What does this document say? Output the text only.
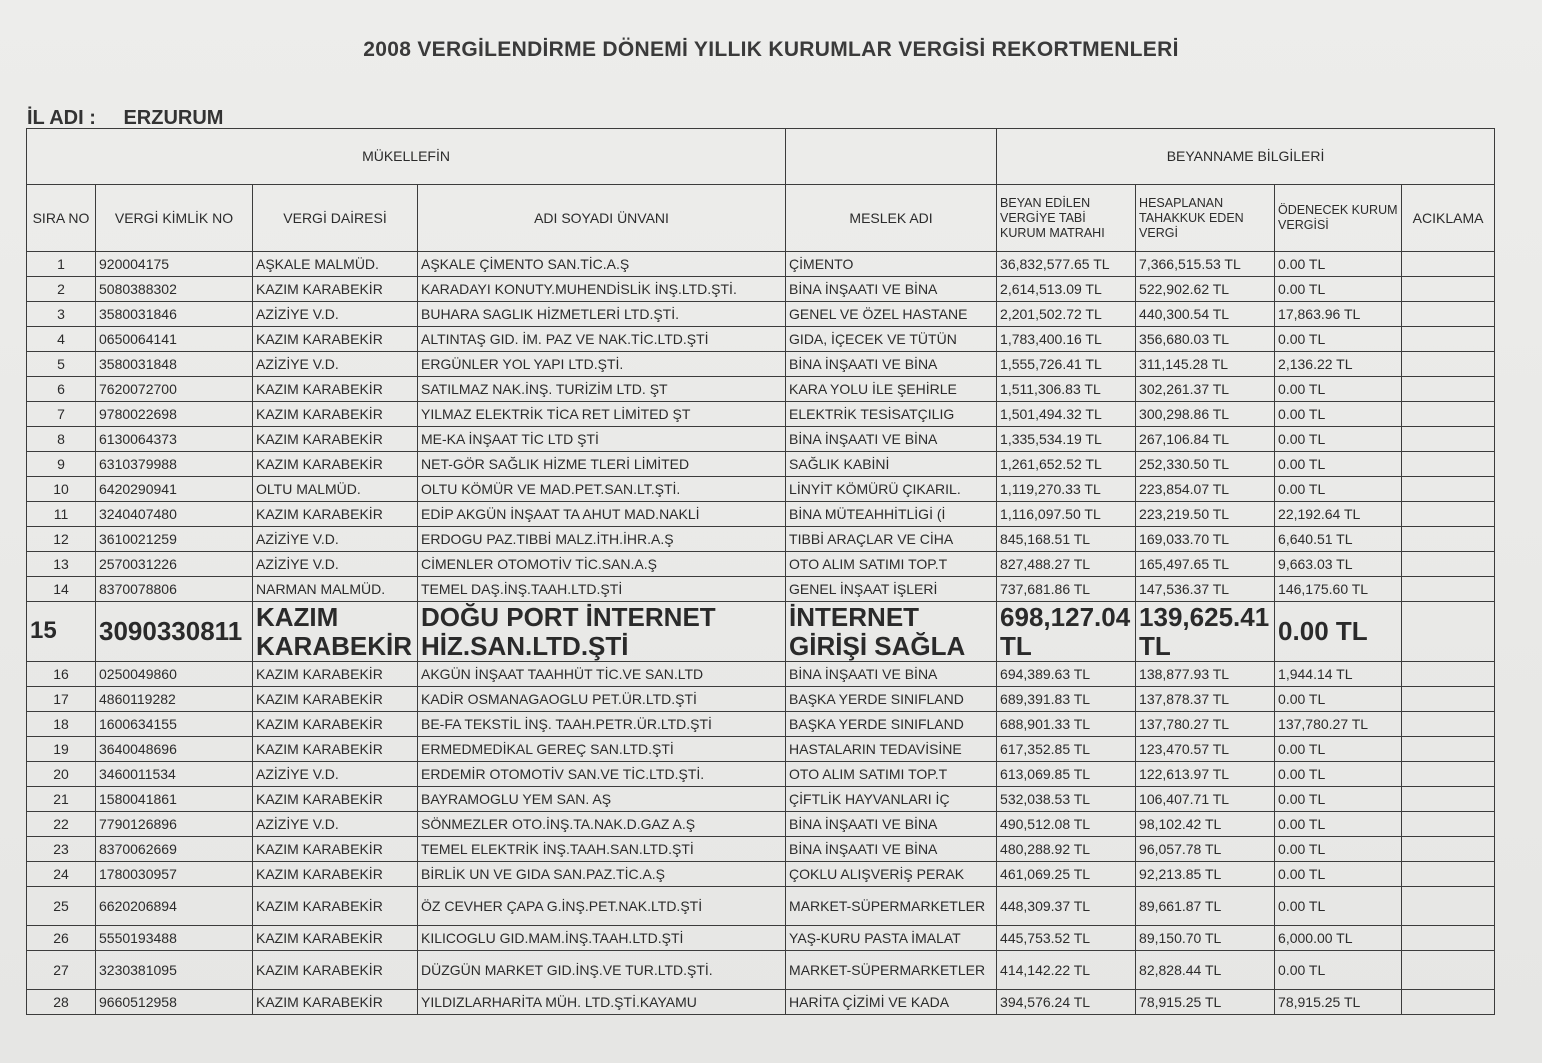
2008 VERGİLENDİRME DÖNEMİ YILLIK KURUMLAR VERGİSİ REKORTMENLERİ
İL ADI : ERZURUM
MÜKELLEFİN					BEYANNAME BİLGİLERİ			
SIRA NO	VERGİ KİMLİK NO	VERGİ DAİRESİ	ADI SOYADI ÜNVANI	MESLEK ADI	BEYAN EDİLEN VERGİYE TABİ KURUM MATRAHI	HESAPLANAN TAHAKKUK EDEN VERGİ	ÖDENECEK KURUM VERGİSİ	ACIKLAMA
1	920004175	AŞKALE MALMÜD.	AŞKALE ÇİMENTO SAN.TİC.A.Ş	ÇİMENTO	36,832,577.65 TL	7,366,515.53 TL	0.00 TL	
2	5080388302	KAZIM KARABEKİR	KARADAYI KONUTY.MUHENDİSLİK İNŞ.LTD.ŞTİ.	BİNA İNŞAATI VE BİNA	2,614,513.09 TL	522,902.62 TL	0.00 TL	
3	3580031846	AZİZİYE V.D.	BUHARA SAGLIK HİZMETLERİ LTD.ŞTİ.	GENEL VE ÖZEL HASTANE	2,201,502.72 TL	440,300.54 TL	17,863.96 TL	
4	0650064141	KAZIM KARABEKİR	ALTINTAŞ GID. İM. PAZ VE NAK.TİC.LTD.ŞTİ	GIDA, İÇECEK VE TÜTÜN	1,783,400.16 TL	356,680.03 TL	0.00 TL	
5	3580031848	AZİZİYE V.D.	ERGÜNLER YOL YAPI LTD.ŞTİ.	BİNA İNŞAATI VE BİNA	1,555,726.41 TL	311,145.28 TL	2,136.22 TL	
6	7620072700	KAZIM KARABEKİR	SATILMAZ NAK.İNŞ. TURİZİM LTD. ŞT	KARA YOLU İLE ŞEHİRLE	1,511,306.83 TL	302,261.37 TL	0.00 TL	
7	9780022698	KAZIM KARABEKİR	YILMAZ ELEKTRİK TİCA RET LİMİTED ŞT	ELEKTRİK TESİSATÇILIG	1,501,494.32 TL	300,298.86 TL	0.00 TL	
8	6130064373	KAZIM KARABEKİR	ME-KA İNŞAAT TİC LTD ŞTİ	BİNA İNŞAATI VE BİNA	1,335,534.19 TL	267,106.84 TL	0.00 TL	
9	6310379988	KAZIM KARABEKİR	NET-GÖR SAĞLIK HİZME TLERİ LİMİTED	SAĞLIK KABİNİ	1,261,652.52 TL	252,330.50 TL	0.00 TL	
10	6420290941	OLTU MALMÜD.	OLTU KÖMÜR VE MAD.PET.SAN.LT.ŞTİ.	LİNYİT KÖMÜRÜ ÇIKARIL.	1,119,270.33 TL	223,854.07 TL	0.00 TL	
11	3240407480	KAZIM KARABEKİR	EDİP AKGÜN İNŞAAT TA AHUT MAD.NAKLİ	BİNA MÜTEAHHİTLİGİ (İ	1,116,097.50 TL	223,219.50 TL	22,192.64 TL	
12	3610021259	AZİZİYE V.D.	ERDOGU PAZ.TIBBİ MALZ.İTH.İHR.A.Ş	TIBBİ ARAÇLAR VE CİHA	845,168.51 TL	169,033.70 TL	6,640.51 TL	
13	2570031226	AZİZİYE V.D.	CİMENLER OTOMOTİV TİC.SAN.A.Ş	OTO ALIM SATIMI TOP.T	827,488.27 TL	165,497.65 TL	9,663.03 TL	
14	8370078806	NARMAN MALMÜD.	TEMEL DAŞ.İNŞ.TAAH.LTD.ŞTİ	GENEL İNŞAAT İŞLERİ	737,681.86 TL	147,536.37 TL	146,175.60 TL	
15	3090330811	KAZIM KARABEKİR	DOĞU PORT İNTERNET HİZ.SAN.LTD.ŞTİ	İNTERNET GİRİŞİ SAĞLA	698,127.04 TL	139,625.41 TL	0.00 TL	
16	0250049860	KAZIM KARABEKİR	AKGÜN İNŞAAT TAAHHÜT TİC.VE SAN.LTD	BİNA İNŞAATI VE BİNA	694,389.63 TL	138,877.93 TL	1,944.14 TL	
17	4860119282	KAZIM KARABEKİR	KADİR OSMANAGAOGLU PET.ÜR.LTD.ŞTİ	BAŞKA YERDE SINIFLAND	689,391.83 TL	137,878.37 TL	0.00 TL	
18	1600634155	KAZIM KARABEKİR	BE-FA TEKSTİL İNŞ. TAAH.PETR.ÜR.LTD.ŞTİ	BAŞKA YERDE SINIFLAND	688,901.33 TL	137,780.27 TL	137,780.27 TL	
19	3640048696	KAZIM KARABEKİR	ERMEDMEDİKAL GEREÇ SAN.LTD.ŞTİ	HASTALARIN TEDAVİSİNE	617,352.85 TL	123,470.57 TL	0.00 TL	
20	3460011534	AZİZİYE V.D.	ERDEMİR OTOMOTİV SAN.VE TİC.LTD.ŞTİ.	OTO ALIM SATIMI TOP.T	613,069.85 TL	122,613.97 TL	0.00 TL	
21	1580041861	KAZIM KARABEKİR	BAYRAMOGLU YEM SAN. AŞ	ÇİFTLİK HAYVANLARI İÇ	532,038.53 TL	106,407.71 TL	0.00 TL	
22	7790126896	AZİZİYE V.D.	SÖNMEZLER OTO.İNŞ.TA.NAK.D.GAZ A.Ş	BİNA İNŞAATI VE BİNA	490,512.08 TL	98,102.42 TL	0.00 TL	
23	8370062669	KAZIM KARABEKİR	TEMEL ELEKTRİK İNŞ.TAAH.SAN.LTD.ŞTİ	BİNA İNŞAATI VE BİNA	480,288.92 TL	96,057.78 TL	0.00 TL	
24	1780030957	KAZIM KARABEKİR	BİRLİK UN VE GIDA SAN.PAZ.TİC.A.Ş	ÇOKLU ALIŞVERİŞ PERAK	461,069.25 TL	92,213.85 TL	0.00 TL	
25	6620206894	KAZIM KARABEKİR	ÖZ CEVHER ÇAPA G.İNŞ.PET.NAK.LTD.ŞTİ	MARKET-SÜPERMARKETLER	448,309.37 TL	89,661.87 TL	0.00 TL	
26	5550193488	KAZIM KARABEKİR	KILICOGLU GID.MAM.İNŞ.TAAH.LTD.ŞTİ	YAŞ-KURU PASTA İMALAT	445,753.52 TL	89,150.70 TL	6,000.00 TL	
27	3230381095	KAZIM KARABEKİR	DÜZGÜN MARKET GID.İNŞ.VE TUR.LTD.ŞTİ.	MARKET-SÜPERMARKETLER	414,142.22 TL	82,828.44 TL	0.00 TL	
28	9660512958	KAZIM KARABEKİR	YILDIZLARHARİTA MÜH. LTD.ŞTİ.KAYAMU	HARİTA ÇİZİMİ VE KADA	394,576.24 TL	78,915.25 TL	78,915.25 TL	
